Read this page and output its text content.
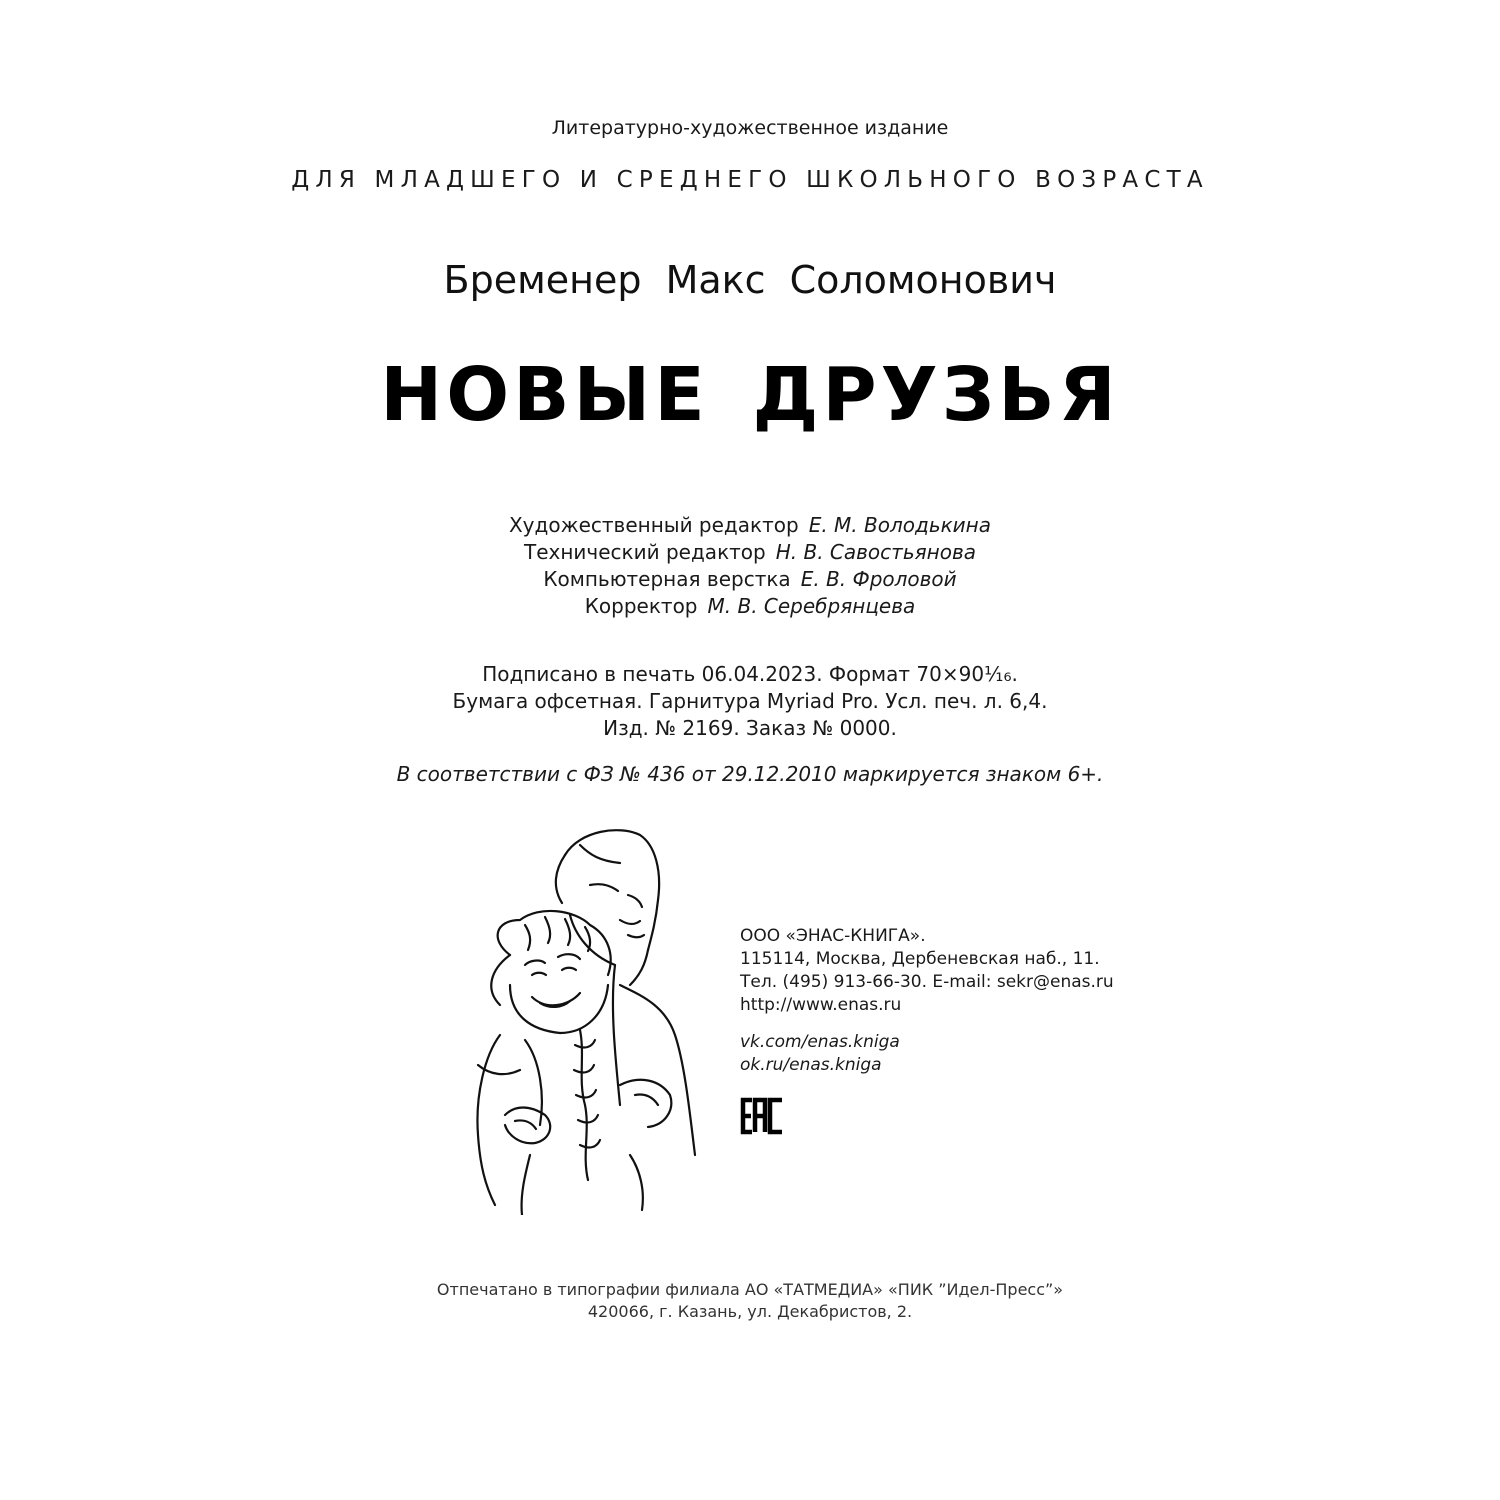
Литературно-художественное издание
ДЛЯ МЛАДШЕГО И СРЕДНЕГО ШКОЛЬНОГО ВОЗРАСТА
Бременер Макс Соломонович
НОВЫЕ ДРУЗЬЯ
Художественный редактор Е. М. Володькина
Технический редактор Н. В. Савостьянова
Компьютерная верстка Е. В. Фроловой
Корректор М. В. Серебрянцева
Подписано в печать 06.04.2023. Формат 70×90¹⁄₁₆.
Бумага офсетная. Гарнитура Myriad Pro. Усл. печ. л. 6,4.
Изд. № 2169. Заказ № 0000.
В соответствии с ФЗ № 436 от 29.12.2010 маркируется знаком 6+.
ООО «ЭНАС-КНИГА».
115114, Москва, Дербеневская наб., 11.
Тел. (495) 913-66-30. E-mail: sekr@enas.ru
http://www.enas.ru
vk.com/enas.kniga
ok.ru/enas.kniga
Отпечатано в типографии филиала АО «ТАТМЕДИА» «ПИК ”Идел-Пресс”»
420066, г. Казань, ул. Декабристов, 2.
